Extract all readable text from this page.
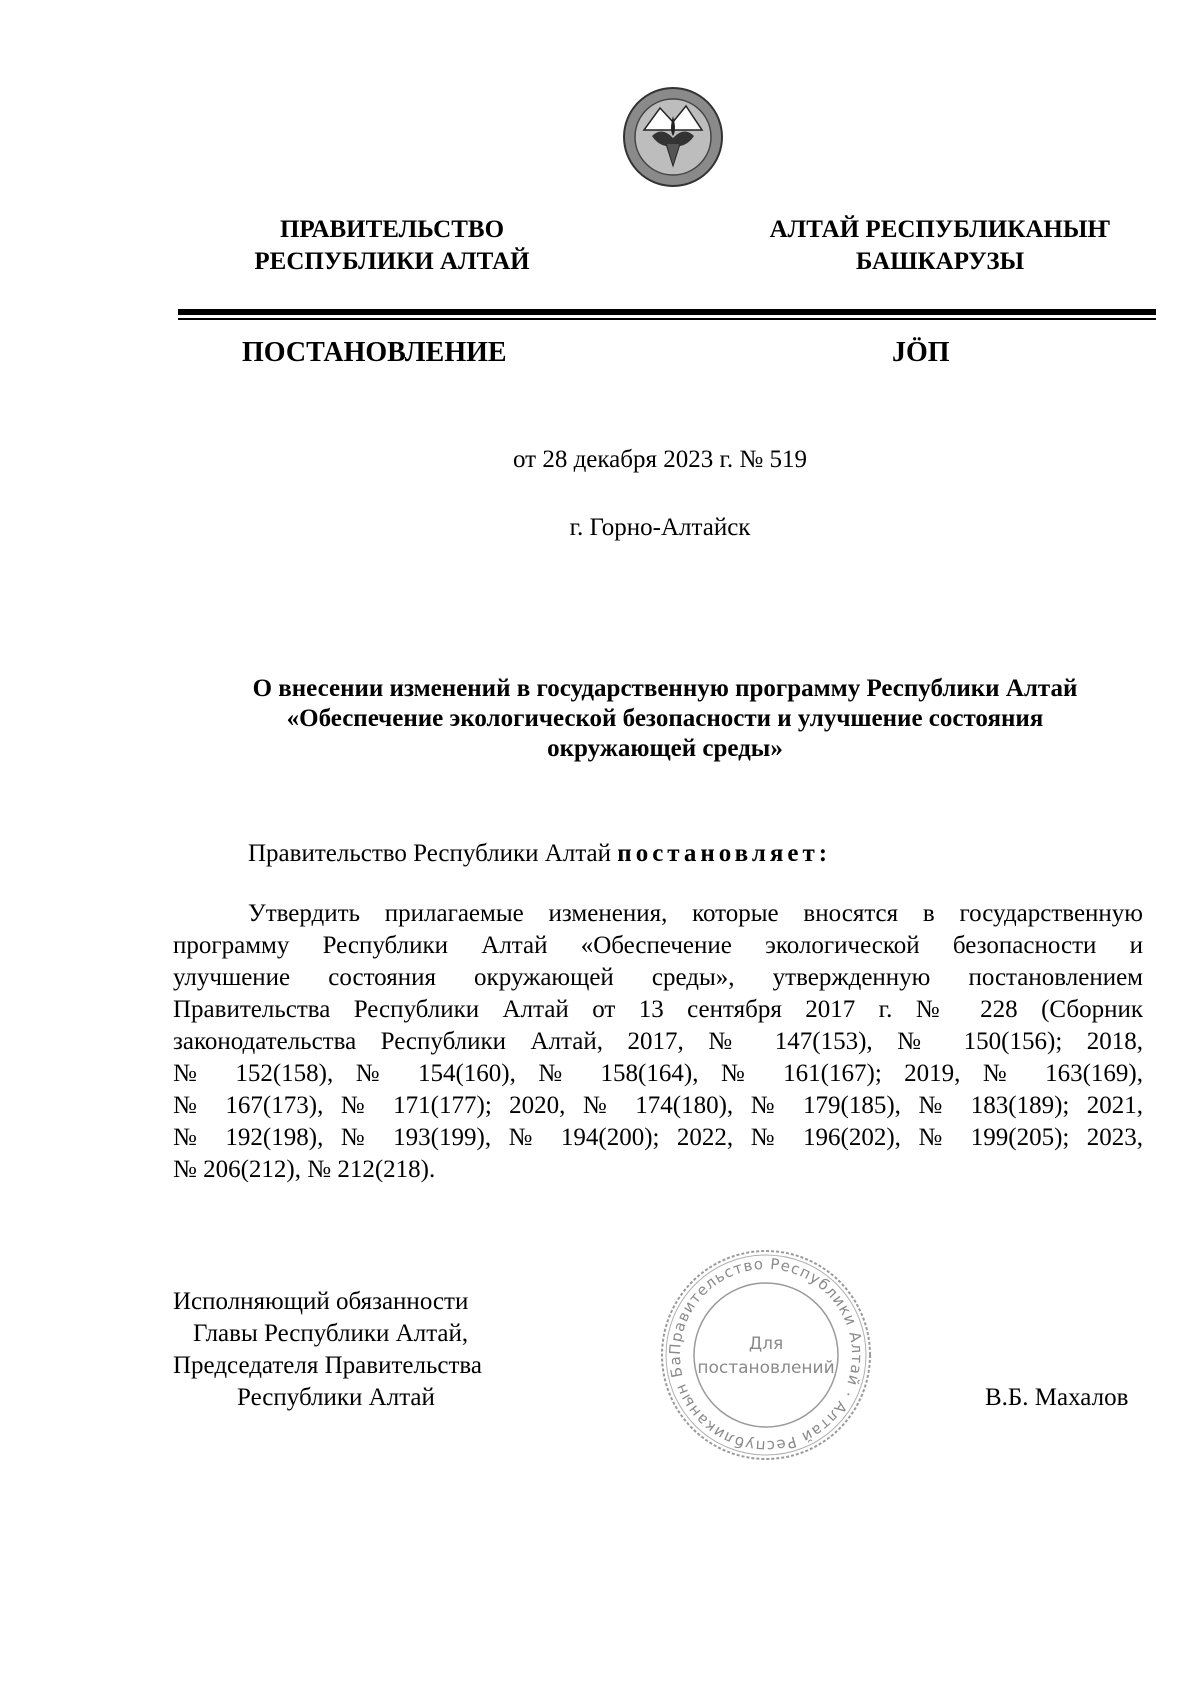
ПРАВИТЕЛЬСТВО
РЕСПУБЛИКИ АЛТАЙ
АЛТАЙ РЕСПУБЛИКАНЫҤ
БАШКАРУЗЫ
ПОСТАНОВЛЕНИЕ	JӦП
от 28 декабря 2023 г. № 519
г. Горно-Алтайск
О внесении изменений в государственную программу Республики Алтай
«Обеспечение экологической безопасности и улучшение состояния
окружающей среды»
Правительство Республики Алтай постановляет:
Утвердить прилагаемые изменения, которые вносятся в государственную
программу Республики Алтай «Обеспечение экологической безопасности и
улучшение состояния окружающей среды», утвержденную постановлением
Правительства Республики Алтай от 13 сентября 2017 г. № 228 (Сборник
законодательства Республики Алтай, 2017, № 147(153), № 150(156); 2018,
№ 152(158), № 154(160), № 158(164), № 161(167); 2019, № 163(169),
№ 167(173), № 171(177); 2020, № 174(180), № 179(185), № 183(189); 2021,
№ 192(198), № 193(199), № 194(200); 2022, № 196(202), № 199(205); 2023,
№ 206(212), № 212(218).
Исполняющий обязанности
Главы Республики Алтай,
Председателя Правительства
Республики Алтай	В.Б. Махалов
Правительство Республики Алтай · Алтай Республиканын Ба
Для
постановлений
